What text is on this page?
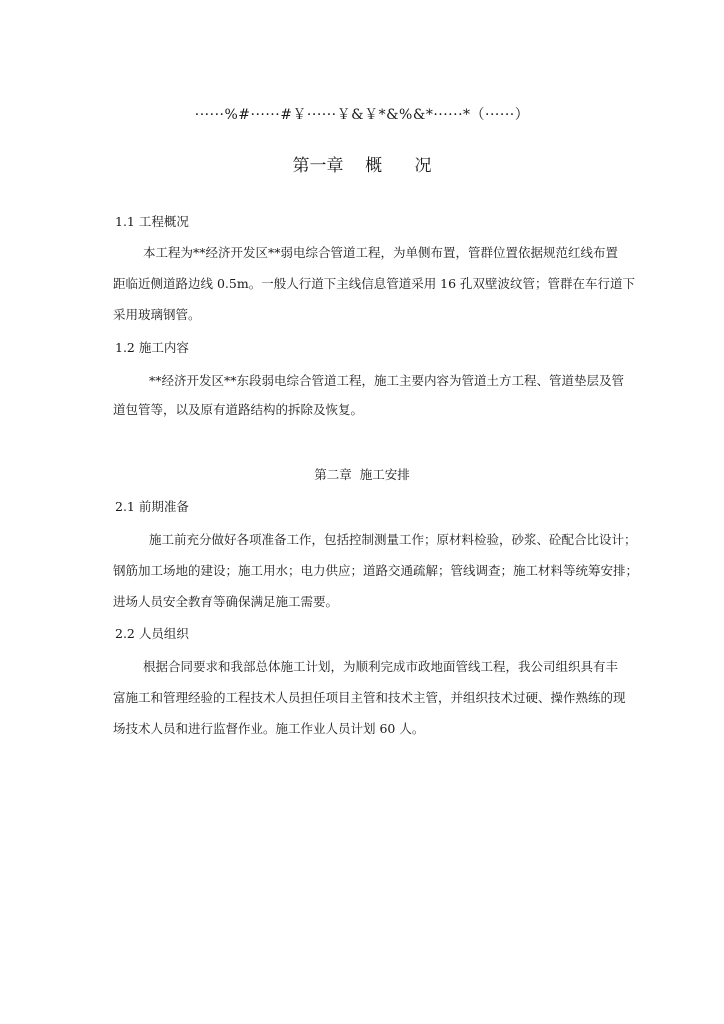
······%#······#￥······￥&￥*&%&*······*（······）
第一章    概      况
1.1 工程概况
本工程为**经济开发区**弱电综合管道工程，为单侧布置，管群位置依据规范红线布置
距临近侧道路边线 0.5m。一般人行道下主线信息管道采用 16 孔双壁波纹管；管群在车行道下
采用玻璃钢管。
1.2 施工内容
**经济开发区**东段弱电综合管道工程，施工主要内容为管道土方工程、管道垫层及管
道包管等，以及原有道路结构的拆除及恢复。
第二章  施工安排
2.1 前期准备
施工前充分做好各项准备工作，包括控制测量工作；原材料检验，砂浆、砼配合比设计；
钢筋加工场地的建设；施工用水；电力供应；道路交通疏解；管线调查；施工材料等统筹安排；
进场人员安全教育等确保满足施工需要。
2.2 人员组织
根据合同要求和我部总体施工计划，为顺利完成市政地面管线工程，我公司组织具有丰
富施工和管理经验的工程技术人员担任项目主管和技术主管，并组织技术过硬、操作熟练的现
场技术人员和进行监督作业。施工作业人员计划 60 人。
